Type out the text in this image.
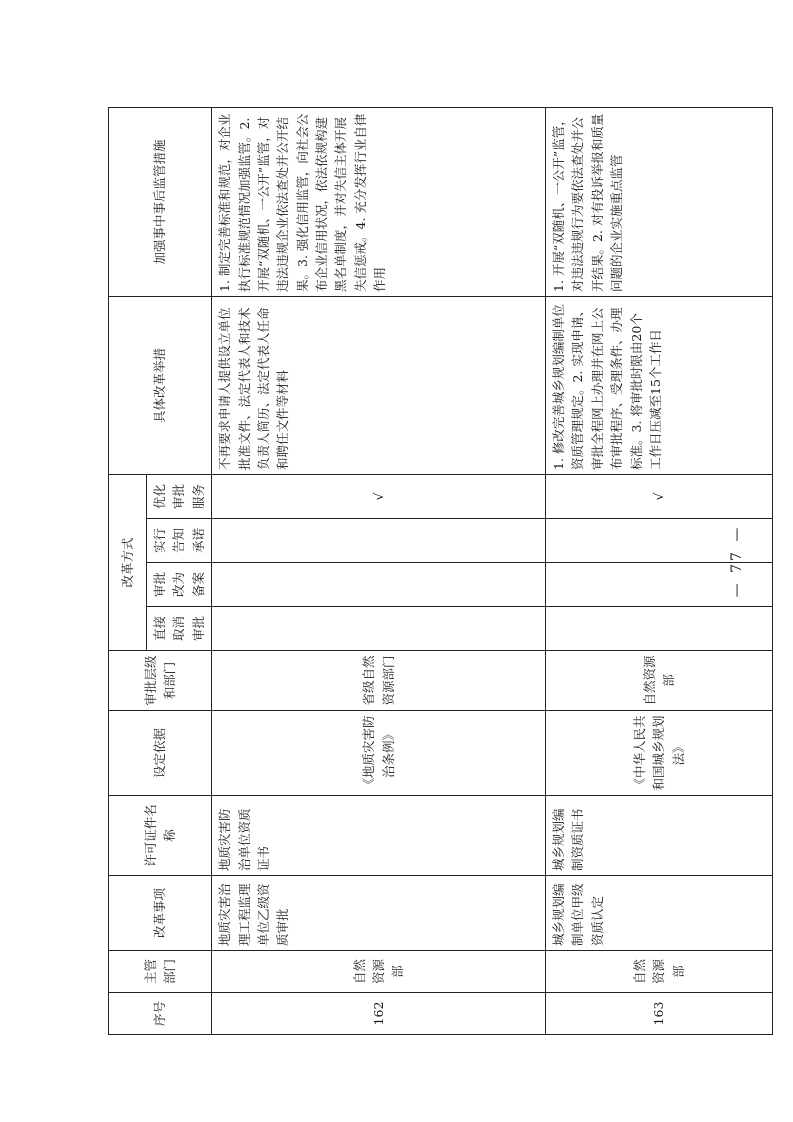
序号	主管部门	改革事项	许可证件名称	设定依据	审批层级和部门	改革方式				具体改革举措	加强事中事后监管措施
						直接取消审批	审批改为备案	实行告知承诺	优化审批服务		
162	自然资源部	地质灾害治理工程监理单位乙级资质审批	地质灾害防治单位资质证书	《地质灾害防治条例》	省级自然资源部门				√	不再要求申请人提供设立单位批准文件、法定代表人和技术负责人简历、法定代表人任命和聘任文件等材料	1. 制定完善标准和规范，对企业执行标准规范情况加强监管。2. 开展“双随机、一公开”监管，对违法违规企业依法查处并公开结果。3. 强化信用监管，向社会公布企业信用状况，依法依规构建黑名单制度，并对失信主体开展失信惩戒。4. 充分发挥行业自律作用
163	自然资源部	城乡规划编制单位甲级资质认定	城乡规划编制资质证书	《中华人民共和国城乡规划法》	自然资源部				√	1. 修改完善城乡规划编制单位资质管理规定。2. 实现申请、审批全程网上办理并在网上公布审批程序、受理条件、办理标准。3. 将审批时限由20个工作日压减至15个工作日	1. 开展“双随机、一公开”监管，对违法违规行为要依法查处并公开结果。2. 对有投诉举报和质量问题的企业实施重点监管
— 77 —
